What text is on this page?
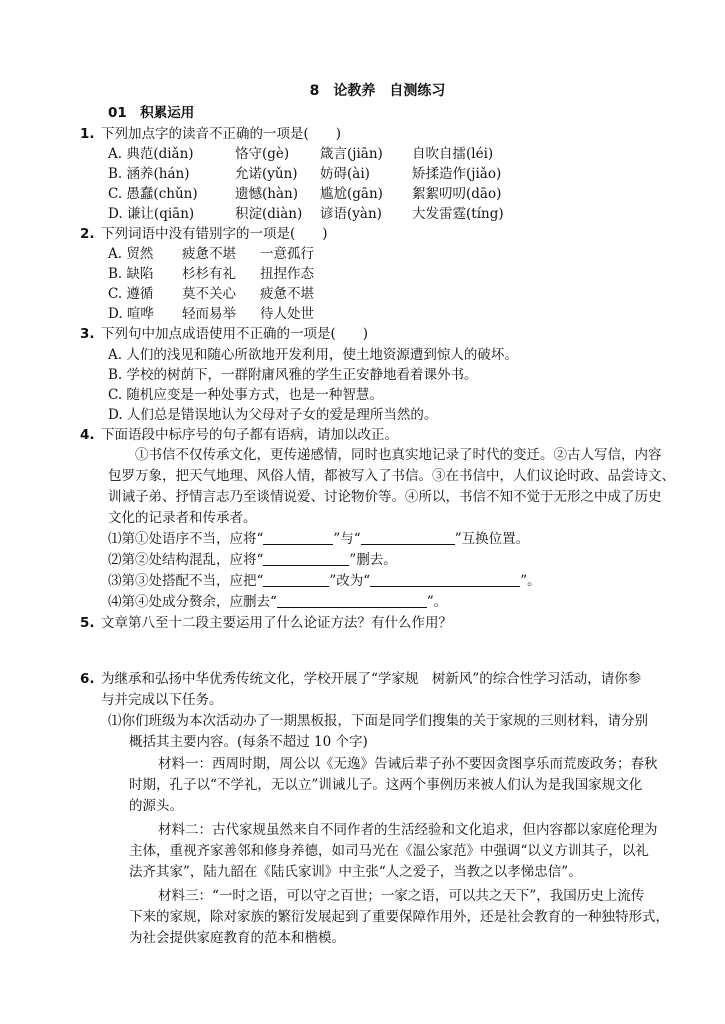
8　论教养　自测练习
01　积累运用
1. 下列加点字的读音不正确的一项是(　　)
A. 典范(diǎn)	恪守(gè) 箴言(jiān) 自吹自擂(léi)
B. 涵养(hán)	允诺(yǔn) 妨碍(ài)	矫揉造作(jiǎo)
C. 愚蠢(chǔn)	遗憾(hàn) 尴尬(gān) 絮絮叨叨(dāo)
D. 谦让(qiān)	积淀(diàn) 谚语(yàn) 大发雷霆(tíng)
2. 下列词语中没有错别字的一项是(　　)
A. 贸然 疲惫不堪 一意孤行
B. 缺陷 杉杉有礼 扭捏作态
C. 遵循 莫不关心 疲惫不堪
D. 喧哗 轻而易举 待人处世
3. 下列句中加点成语使用不正确的一项是(　　)
A. 人们的浅见和随心所欲地开发利用，使土地资源遭到惊人的破坏。
B. 学校的树荫下，一群附庸风雅的学生正安静地看着课外书。
C. 随机应变是一种处事方式，也是一种智慧。
D. 人们总是错误地认为父母对子女的爱是理所当然的。
4. 下面语段中标序号的句子都有语病，请加以改正。
①书信不仅传承文化，更传递感情，同时也真实地记录了时代的变迁。②古人写信，内容
包罗万象，把天气地理、风俗人情，都被写入了书信。③在书信中，人们议论时政、品尝诗文、
训诫子弟、抒情言志乃至谈情说爱、讨论物价等。④所以，书信不知不觉于无形之中成了历史
文化的记录者和传承者。
⑴第①处语序不当，应将“	”与“	”互换位置。
⑵第②处结构混乱，应将“	”删去。
⑶第③处搭配不当，应把“	”改为“	”。
⑷第④处成分赘余，应删去“	”。
5. 文章第八至十二段主要运用了什么论证方法？有什么作用？
6. 为继承和弘扬中华优秀传统文化，学校开展了“学家规　树新风”的综合性学习活动，请你参
与并完成以下任务。
⑴你们班级为本次活动办了一期黑板报，下面是同学们搜集的关于家规的三则材料，请分别
概括其主要内容。(每条不超过 10 个字)
材料一：西周时期，周公以《无逸》告诫后辈子孙不要因贪图享乐而荒废政务；春秋
时期，孔子以“不学礼，无以立”训诫儿子。这两个事例历来被人们认为是我国家规文化
的源头。
材料二：古代家规虽然来自不同作者的生活经验和文化追求，但内容都以家庭伦理为
主体，重视齐家善邻和修身养德，如司马光在《温公家范》中强调“以义方训其子，以礼
法齐其家”，陆九韶在《陆氏家训》中主张“人之爱子，当教之以孝悌忠信”。
材料三：“一时之语，可以守之百世；一家之语，可以共之天下”，我国历史上流传
下来的家规，除对家族的繁衍发展起到了重要保障作用外，还是社会教育的一种独特形式，
为社会提供家庭教育的范本和楷模。
